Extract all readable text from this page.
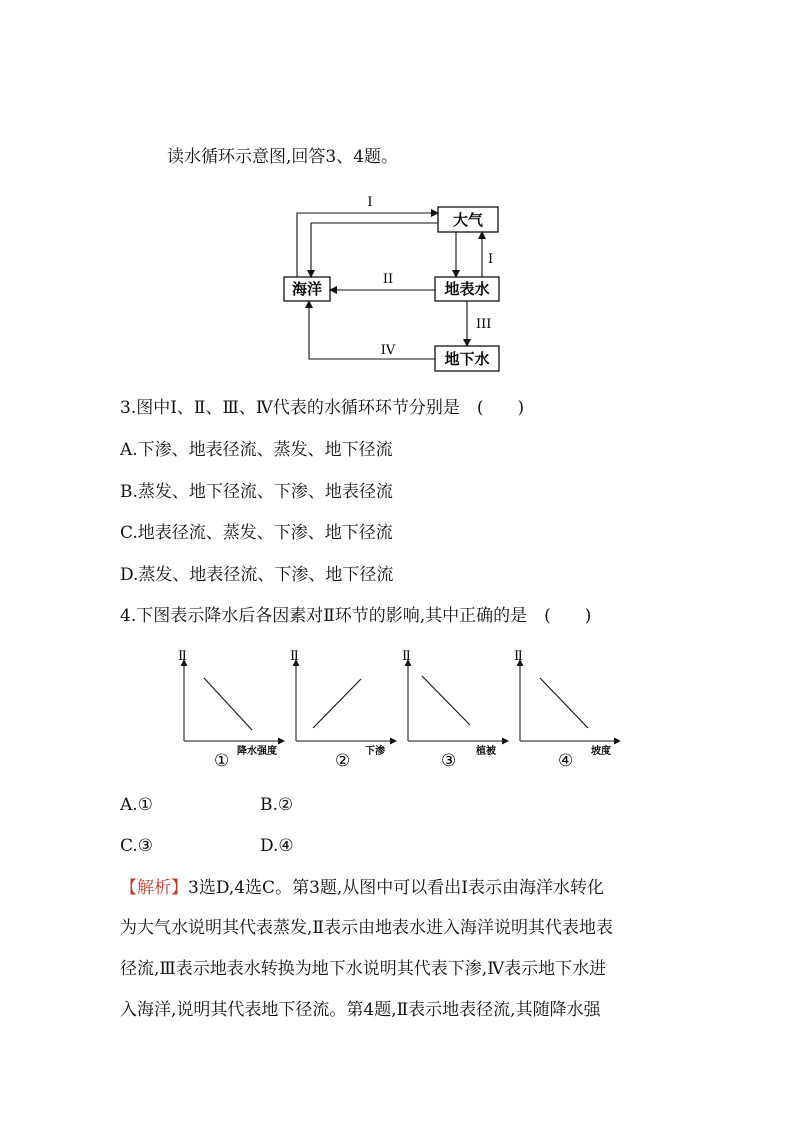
读水循环示意图,回答3、4题。
大气
海洋	地表水
地下水
I
I
II
III
IV
3.图中Ⅰ、Ⅱ、Ⅲ、Ⅳ代表的水循环环节分别是　(　　)
A.下渗、地表径流、蒸发、地下径流
B.蒸发、地下径流、下渗、地表径流
C.地表径流、蒸发、下渗、地下径流
D.蒸发、地表径流、下渗、地下径流
4.下图表示降水后各因素对Ⅱ环节的影响,其中正确的是　(　　)
Ⅱ
降水强度
①
Ⅱ
下渗
②
Ⅱ
植被
③
Ⅱ
坡度
④
A.①	B.②
C.③	D.④
【解析】3选D,4选C。第3题,从图中可以看出Ⅰ表示由海洋水转化
为大气水说明其代表蒸发,Ⅱ表示由地表水进入海洋说明其代表地表
径流,Ⅲ表示地表水转换为地下水说明其代表下渗,Ⅳ表示地下水进
入海洋,说明其代表地下径流。第4题,Ⅱ表示地表径流,其随降水强
